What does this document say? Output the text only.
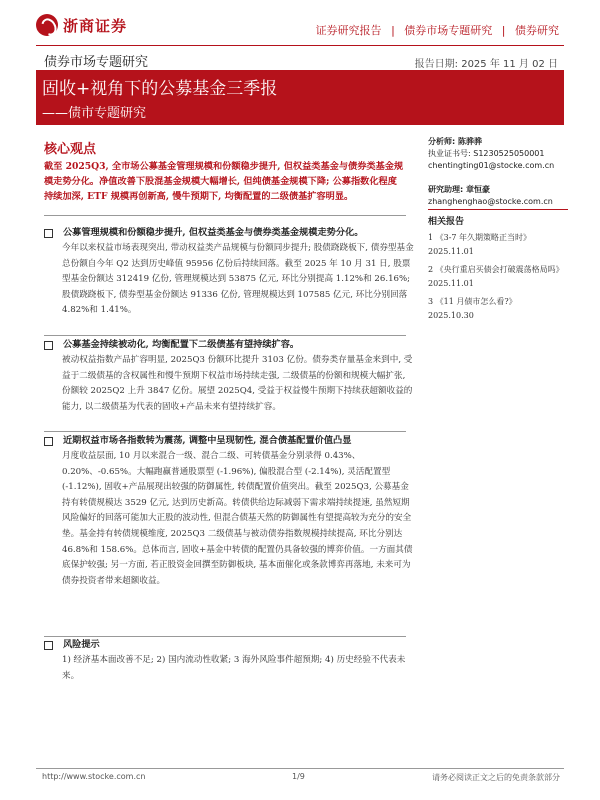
浙商证券	证券研究报告 | 债券市场专题研究 | 债券研究
债券市场专题研究	报告日期: 2025 年 11 月 02 日
固收+视角下的公募基金三季报
——债市专题研究
核心观点
截至 2025Q3, 全市场公募基金管理规模和份额稳步提升, 但权益类基金与债券类基金规模走势分化。净值改善下股混基金规模大幅增长, 但纯债基金规模下降; 公募指数化程度持续加深, ETF 规模再创新高, 慢牛预期下, 均衡配置的二级债基扩容明显。
公募管理规模和份额稳步提升, 但权益类基金与债券类基金规模走势分化。
今年以来权益市场表现突出, 带动权益类产品规模与份额同步提升; 股债跷跷板下, 债券型基金总份额自今年 Q2 达到历史峰值 95956 亿份后持续回落。截至 2025 年 10 月 31 日, 股票型基金份额达 312419 亿份, 管理规模达到 53875 亿元, 环比分别提高 1.12%和 26.16%; 股债跷跷板下, 债券型基金份额达 91336 亿份, 管理规模达到 107585 亿元, 环比分别回落 4.82%和 1.41%。
公募基金持续被动化, 均衡配置下二级债基有望持续扩容。
被动权益指数产品扩容明显, 2025Q3 份额环比提升 3103 亿份。债券类存量基金来到中, 受益于二级债基的含权属性和慢牛预期下权益市场持续走强, 二级债基的份额和规模大幅扩张, 份额较 2025Q2 上升 3847 亿份。展望 2025Q4, 受益于权益慢牛预期下持续获超额收益的能力, 以二级债基为代表的固收+产品未来有望持续扩容。
近期权益市场各指数转为震荡, 调整中呈现韧性, 混合债基配置价值凸显
月度收益层面, 10 月以来混合一级、混合二级、可转债基金分别录得 0.43%、0.20%、-0.65%。大幅跑赢普通股票型 (-1.96%), 偏股混合型 (-2.14%), 灵活配置型 (-1.12%), 固收+产品展现出较强的防御属性, 转债配置价值突出。截至 2025Q3, 公募基金持有转债规模达 3529 亿元, 达到历史新高。转债供给边际减弱下需求端持续提速, 虽然短期风险偏好的回落可能加大正股的波动性, 但混合债基天然的防御属性有望提高较为充分的安全垫。基金持有转债规模维度, 2025Q3 二级债基与被动债券指数规模持续提高, 环比分别达 46.8%和 158.6%。总体而言, 固收+基金中转债的配置仍具备较强的博弈价值。一方面其债底保护较强; 另一方面, 若正股资金回撰至防御板块, 基本面催化或条款博弈再落地, 未来可为债券投资者带来超额收益。
风险提示
1) 经济基本面改善不足; 2) 国内流动性收紧; 3 海外风险事件超预期; 4) 历史经验不代表未来。
分析师: 陈骅骅
执业证书号: S1230525050001
chentingting01@stocke.com.cn
研究助理: 章恒豪
zhanghenghao@stocke.com.cn
相关报告
1 《3-7 年久期策略正当时》
2025.11.01
2 《央行重启买债会打破震荡格局吗》
2025.11.01
3 《11 月债市怎么看?》
2025.10.30
http://www.stocke.com.cn	1/9	请务必阅读正文之后的免责条款部分
